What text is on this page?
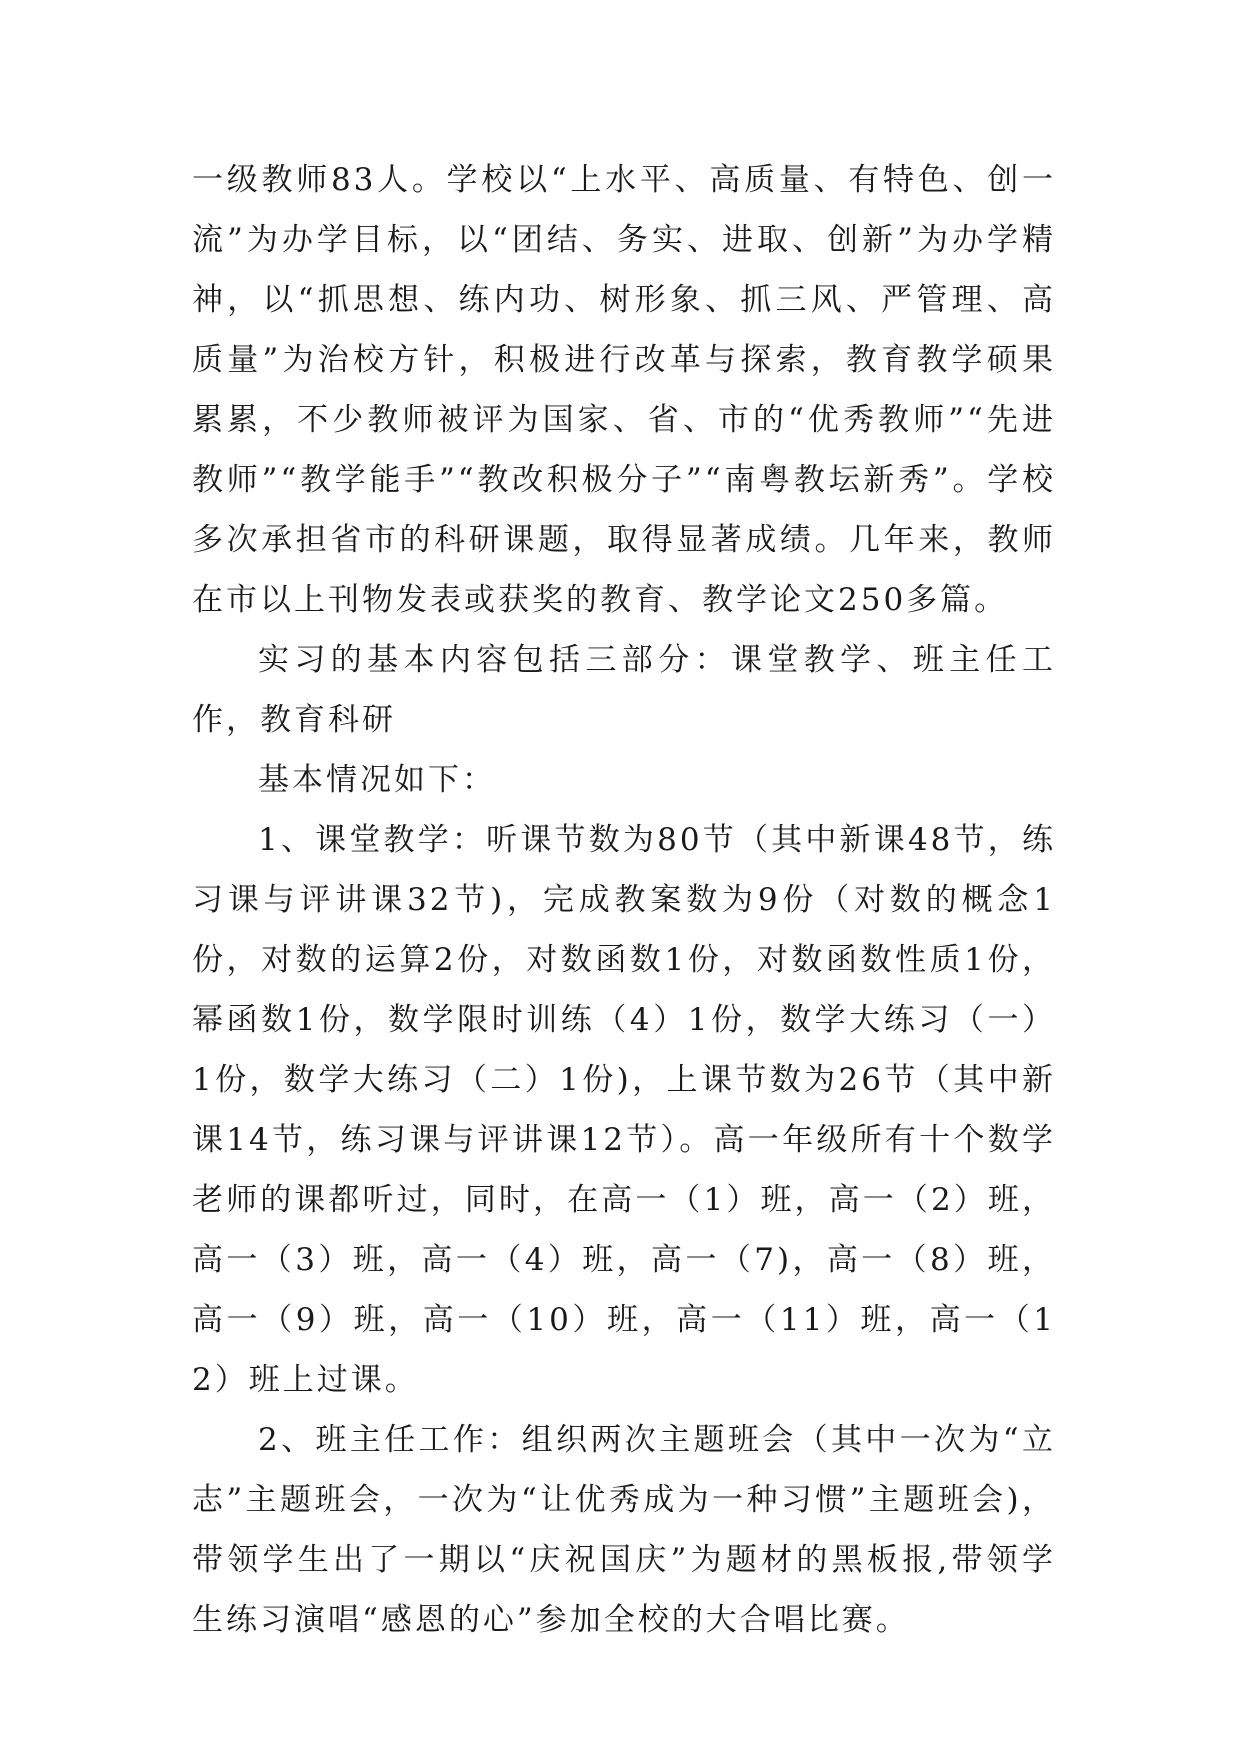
一级教师83人。学校以“上水平、高质量、有特色、创一流”为办学目标，以“团结、务实、进取、创新”为办学精神，以“抓思想、练内功、树形象、抓三风、严管理、高质量”为治校方针，积极进行改革与探索，教育教学硕果累累，不少教师被评为国家、省、市的“优秀教师”“先进教师”“教学能手”“教改积极分子”“南粤教坛新秀”。学校多次承担省市的科研课题，取得显著成绩。几年来，教师在市以上刊物发表或获奖的教育、教学论文250多篇。

实习的基本内容包括三部分：课堂教学、班主任工作，教育科研

基本情况如下：

1、课堂教学：听课节数为80节（其中新课48节，练习课与评讲课32节)，完成教案数为9份（对数的概念1份，对数的运算2份，对数函数1份，对数函数性质1份，幂函数1份，数学限时训练（4）1份，数学大练习（一）1份，数学大练习（二）1份)，上课节数为26节（其中新课14节，练习课与评讲课12节）。高一年级所有十个数学老师的课都听过，同时，在高一（1）班，高一（2）班，高一（3）班，高一（4）班，高一（7)，高一（8）班，高一（9）班，高一（10）班，高一（11）班，高一（12）班上过课。

2、班主任工作：组织两次主题班会（其中一次为“立志”主题班会，一次为“让优秀成为一种习惯”主题班会)，带领学生出了一期以“庆祝国庆”为题材的黑板报,带领学生练习演唱“感恩的心”参加全校的大合唱比赛。
